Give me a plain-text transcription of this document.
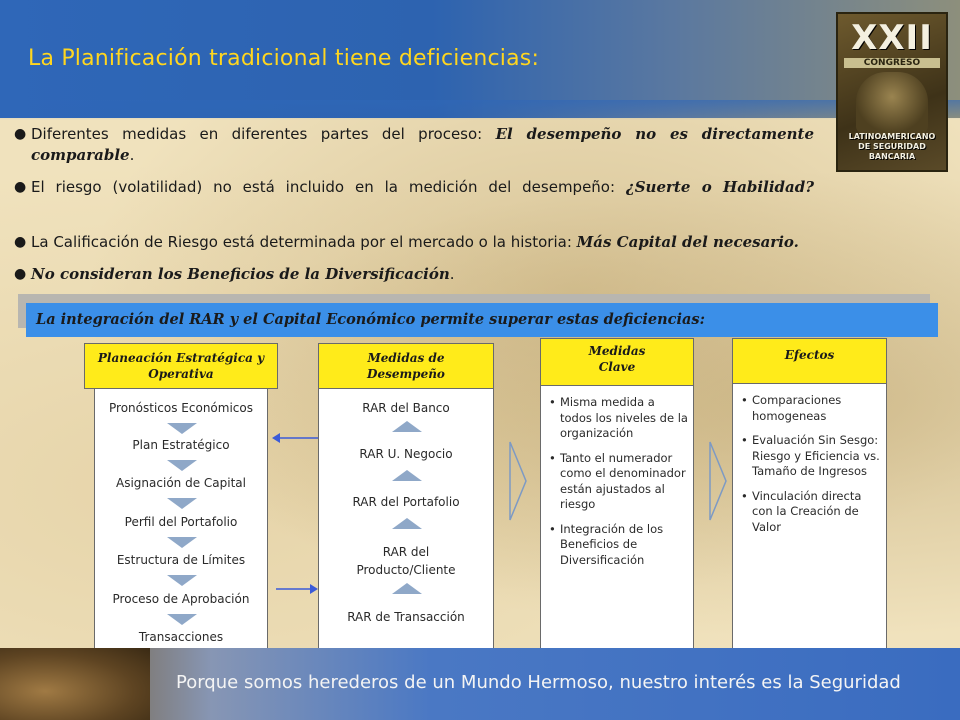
La Planificación tradicional tiene deficiencias:
XXII
CONGRESO
LATINOAMERICANO
DE SEGURIDAD
BANCARIA
● Diferentes medidas en diferentes partes del proceso: El desempeño no es directamente comparable.
● El riesgo (volatilidad) no está incluido en la medición del desempeño: ¿Suerte o Habilidad?
● La Calificación de Riesgo está determinada por el mercado o la historia: Más Capital del necesario.
● No consideran los Beneficios de la Diversificación.
La integración del RAR y el Capital Económico permite superar estas deficiencias:
Pronósticos Económicos
Plan Estratégico
Asignación de Capital
Perfil del Portafolio
Estructura de Límites
Proceso de Aprobación
Transacciones
Planeación Estratégica y Operativa
RAR del Banco
RAR U. Negocio
RAR del Portafolio
RAR del Producto/Cliente
RAR de Transacción
Medidas de Desempeño
• Misma medida a todos los niveles de la organización
• Tanto el numerador como el denominador están ajustados al riesgo
• Integración de los Beneficios de Diversificación
Medidas Clave
• Comparaciones homogeneas
• Evaluación Sin Sesgo: Riesgo y Eficiencia vs. Tamaño de Ingresos
• Vinculación directa con la Creación de Valor
Efectos
Porque somos herederos de un Mundo Hermoso, nuestro interés es la Seguridad
